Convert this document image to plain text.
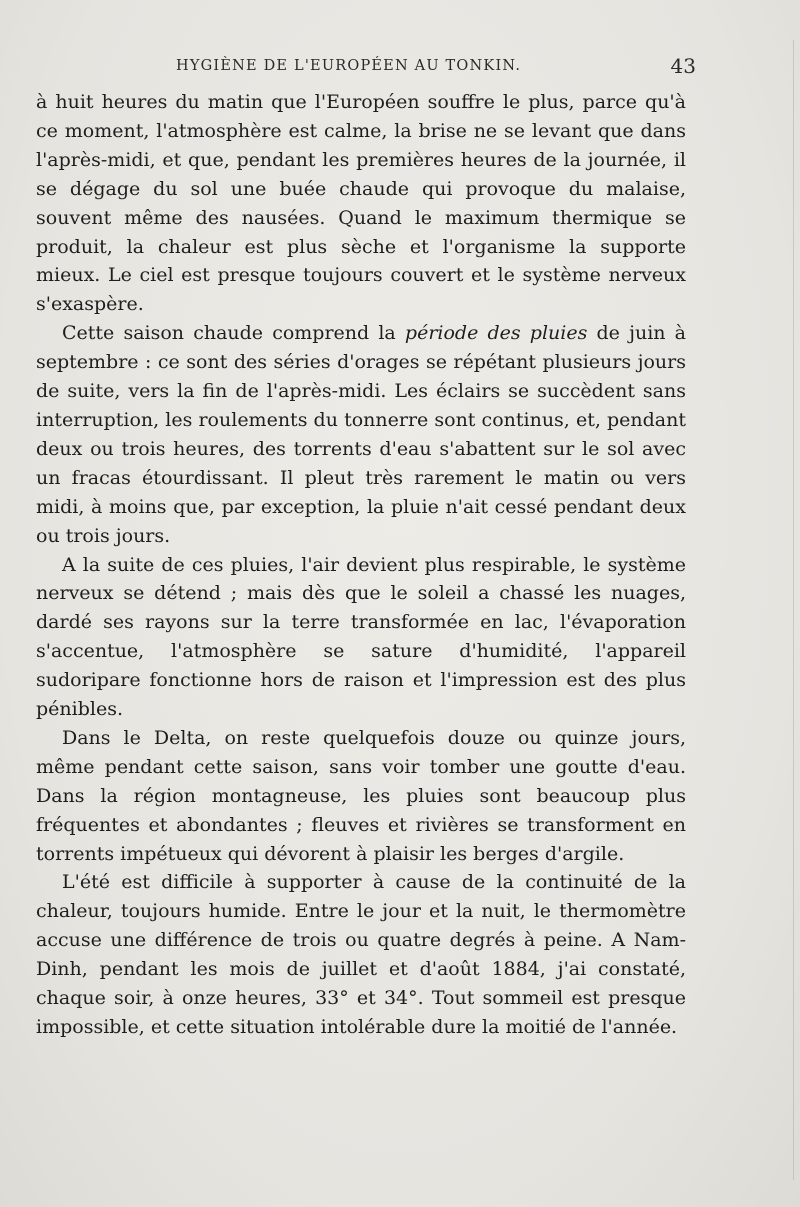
HYGIÈNE DE L'EUROPÉEN AU TONKIN.	43

à huit heures du matin que l'Européen souffre le plus, parce qu'à ce moment, l'atmosphère est calme, la brise ne se levant que dans l'après-midi, et que, pendant les premières heures de la journée, il se dégage du sol une buée chaude qui provoque du malaise, souvent même des nausées. Quand le maximum thermique se produit, la chaleur est plus sèche et l'organisme la supporte mieux. Le ciel est presque toujours couvert et le système nerveux s'exaspère.

Cette saison chaude comprend la période des pluies de juin à septembre : ce sont des séries d'orages se répétant plusieurs jours de suite, vers la fin de l'après-midi. Les éclairs se succèdent sans interruption, les roulements du tonnerre sont continus, et, pendant deux ou trois heures, des torrents d'eau s'abattent sur le sol avec un fracas étourdissant. Il pleut très rarement le matin ou vers midi, à moins que, par exception, la pluie n'ait cessé pendant deux ou trois jours.

A la suite de ces pluies, l'air devient plus respirable, le système nerveux se détend ; mais dès que le soleil a chassé les nuages, dardé ses rayons sur la terre transformée en lac, l'évaporation s'accentue, l'atmosphère se sature d'humidité, l'appareil sudoripare fonctionne hors de raison et l'impression est des plus pénibles.

Dans le Delta, on reste quelquefois douze ou quinze jours, même pendant cette saison, sans voir tomber une goutte d'eau. Dans la région montagneuse, les pluies sont beaucoup plus fréquentes et abondantes ; fleuves et rivières se transforment en torrents impétueux qui dévorent à plaisir les berges d'argile.

L'été est difficile à supporter à cause de la continuité de la chaleur, toujours humide. Entre le jour et la nuit, le thermomètre accuse une différence de trois ou quatre degrés à peine. A Nam-Dinh, pendant les mois de juillet et d'août 1884, j'ai constaté, chaque soir, à onze heures, 33° et 34°. Tout sommeil est presque impossible, et cette situation intolérable dure la moitié de l'année.
